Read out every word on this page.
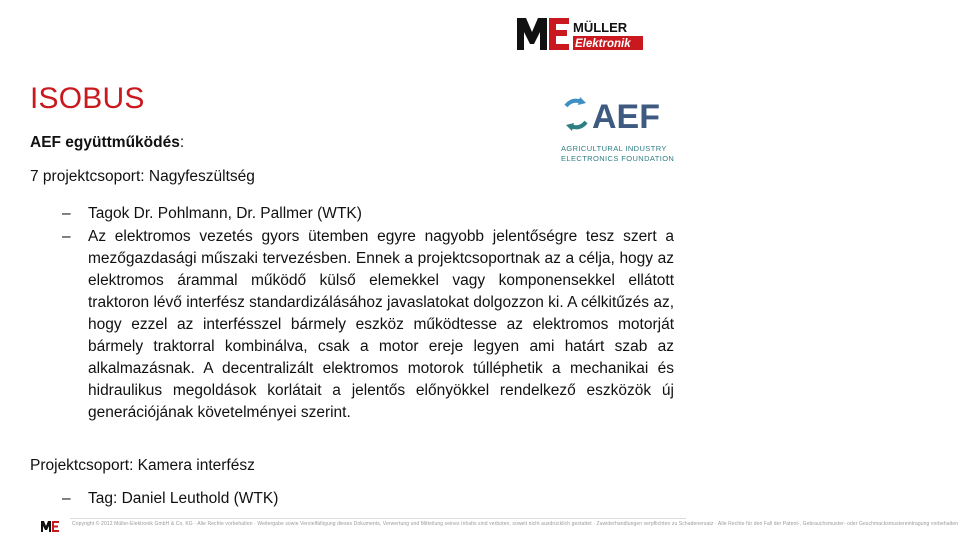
MÜLLER
Elektronik
ISOBUS	AEF
AGRICULTURAL INDUSTRY
ELECTRONICS FOUNDATION
AEF együttműködés:
7 projektcsoport: Nagyfeszültség
– Tagok Dr. Pohlmann, Dr. Pallmer (WTK)
– Az elektromos vezetés gyors ütemben egyre nagyobb jelentőségre tesz szert a mezőgazdasági műszaki tervezésben. Ennek a projektcsoportnak az a célja, hogy az elektromos árammal működő külső elemekkel vagy komponensekkel ellátott traktoron lévő interfész standardizálásához javaslatokat dolgozzon ki. A célkitűzés az, hogy ezzel az interfésszel bármely eszköz működtesse az elektromos motorját bármely traktorral kombinálva, csak a motor ereje legyen ami határt szab az alkalmazásnak. A decentralizált elektromos motorok túlléphetik a mechanikai és hidraulikus megoldások korlátait a jelentős előnyökkel rendelkező eszközök új generációjának követelményei szerint.
Projektcsoport: Kamera interfész
– Tag: Daniel Leuthold (WTK)
Copyright © 2012 Müller-Elektronik GmbH & Co. KG · Alle Rechte vorbehalten · Weitergabe sowie Vervielfältigung dieses Dokuments, Verwertung und Mitteilung seines Inhalts sind verboten, soweit nicht ausdrücklich gestattet · Zuwiderhandlungen verpflichten zu Schadenersatz · Alle Rechte für den Fall der Patent-, Gebrauchsmuster- oder Geschmacksmustereintragung vorbehalten
